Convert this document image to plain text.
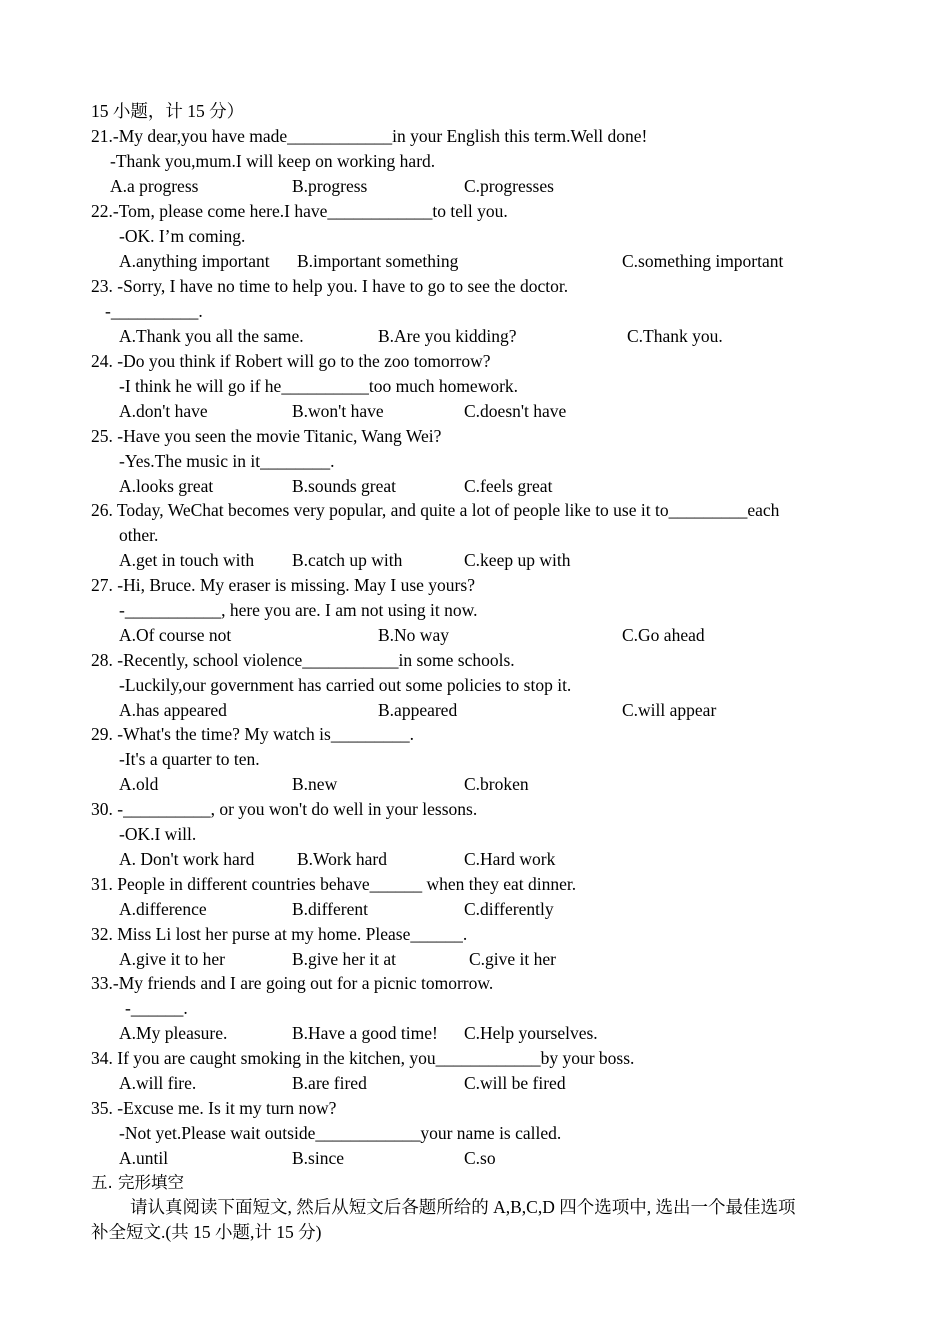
15 小题，计 15 分）
21.-My dear,you have made____________in your English this term.Well done!
-Thank you,mum.I will keep on working hard.
A.a progress	B.progress	C.progresses
22.-Tom, please come here.I have____________to tell you.
-OK. I’m coming.
A.anything important B.important something	C.something important
23. -Sorry, I have no time to help you. I have to go to see the doctor.
-__________.
A.Thank you all the same.	B.Are you kidding?	C.Thank you.
24. -Do you think if Robert will go to the zoo tomorrow?
-I think he will go if he__________too much homework.
A.don't have	B.won't have	C.doesn't have
25. -Have you seen the movie Titanic, Wang Wei?
-Yes.The music in it________.
A.looks great	B.sounds great	C.feels great
26. Today, WeChat becomes very popular, and quite a lot of people like to use it to_________each
other.
A.get in touch with B.catch up with	C.keep up with
27. -Hi, Bruce. My eraser is missing. May I use yours?
-___________, here you are. I am not using it now.
A.Of course not	B.No way	C.Go ahead
28. -Recently, school violence___________in some schools.
-Luckily,our government has carried out some policies to stop it.
A.has appeared	B.appeared	C.will appear
29. -What's the time? My watch is_________.
-It's a quarter to ten.
A.old	B.new	C.broken
30. -__________, or you won't do well in your lessons.
-OK.I will.
A. Don't work hard B.Work hard	C.Hard work
31. People in different countries behave______ when they eat dinner.
A.difference	B.different	C.differently
32. Miss Li lost her purse at my home. Please______.
A.give it to her	B.give her it at	C.give it her
33.-My friends and I are going out for a picnic tomorrow.
-______.
A.My pleasure.	B.Have a good time! C.Help yourselves.
34. If you are caught smoking in the kitchen, you____________by your boss.
A.will fire.	B.are fired	C.will be fired
35. -Excuse me. Is it my turn now?
-Not yet.Please wait outside____________your name is called.
A.until	B.since	C.so
五. 完形填空
请认真阅读下面短文, 然后从短文后各题所给的 A,B,C,D 四个选项中, 选出一个最佳选项
补全短文.(共 15 小题,计 15 分)
